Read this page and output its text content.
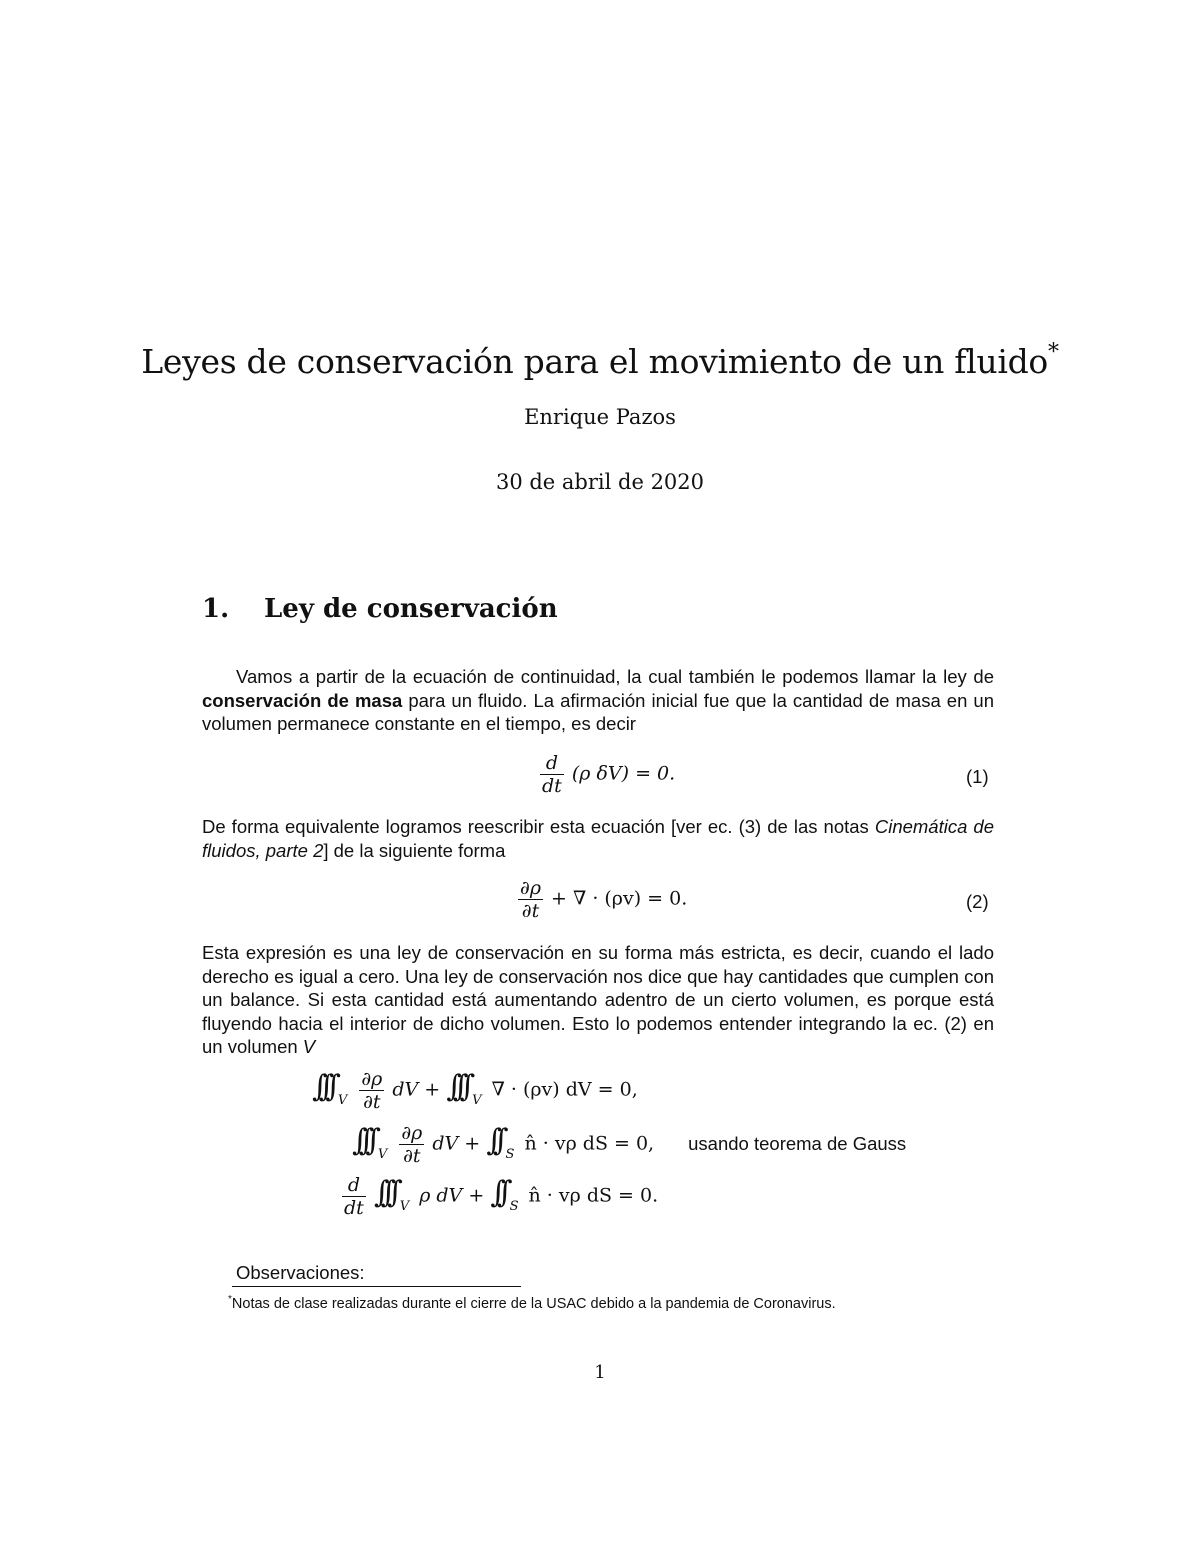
Leyes de conservación para el movimiento de un fluido*
Enrique Pazos
30 de abril de 2020
1. Ley de conservación
Vamos a partir de la ecuación de continuidad, la cual también le podemos llamar la ley de conservación de masa para un fluido. La afirmación inicial fue que la cantidad de masa en un volumen permanece constante en el tiempo, es decir
$\frac{d}{dt} (\rho$ δV) = 0.	(1)
De forma equivalente logramos reescribir esta ecuación [ver ec. (3) de las notas Cinemática de fluidos, parte 2] de la siguiente forma
$\frac{\partial\rho}{\partial t}$ + ∇ · (ρv) = 0.	(2)
Esta expresión es una ley de conservación en su forma más estricta, es decir, cuando el lado derecho es igual a cero. Una ley de conservación nos dice que hay cantidades que cumplen con un balance. Si esta cantidad está aumentando adentro de un cierto volumen, es porque está fluyendo hacia el interior de dicho volumen. Esto lo podemos entender integrando la ec. (2) en un volumen V
∫∫∫ $_V \frac{\partial\rho}{\partial t}$ dV + ∫∫∫ $_V$ ∇ · (ρv) dV = 0,
∫∫∫ $_V \frac{\partial\rho}{\partial t}$ dV + ∫∫ $_S$ n̂ · vρ dS = 0, usando teorema de Gauss
$\frac{d}{dt}$ ∫∫∫ $_V$ ρ dV + ∫∫ $_S$ n̂ · vρ dS = 0.
Observaciones:
*Notas de clase realizadas durante el cierre de la USAC debido a la pandemia de Coronavirus.
1
